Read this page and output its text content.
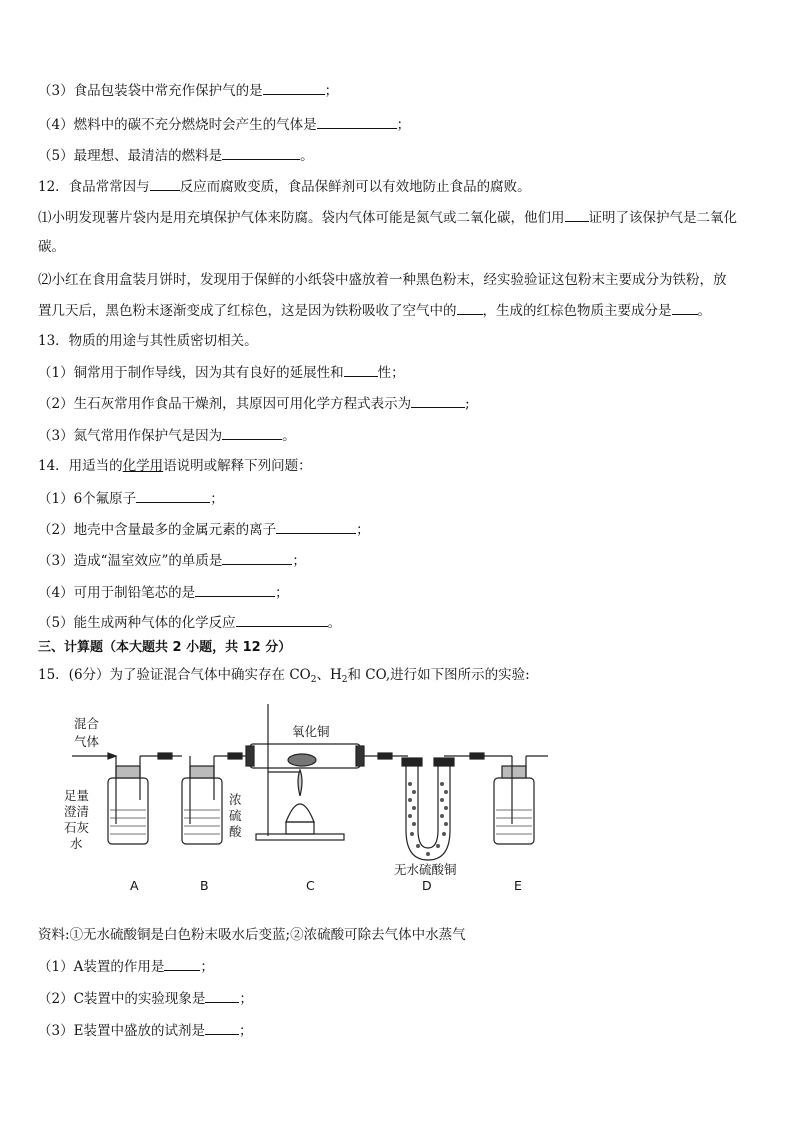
（3）食品包装袋中常充作保护气的是	；
（4）燃料中的碳不充分燃烧时会产生的气体是	；
（5）最理想、最清洁的燃料是	。
12．食品常常因与 反应而腐败变质，食品保鲜剂可以有效地防止食品的腐败。
⑴小明发现薯片袋内是用充填保护气体来防腐。袋内气体可能是氮气或二氧化碳，他们用 证明了该保护气是二氧化
碳。
⑵小红在食用盒装月饼时，发现用于保鲜的小纸袋中盛放着一种黑色粉末，经实验验证这包粉末主要成分为铁粉，放
置几天后，黑色粉末逐渐变成了红棕色，这是因为铁粉吸收了空气中的 ，生成的红棕色物质主要成分是 。
13．物质的用途与其性质密切相关。
（1）铜常用于制作导线，因为其有良好的延展性和	性；
（2）生石灰常用作食品干燥剂，其原因可用化学方程式表示为	;
（3）氮气常用作保护气是因为	。
14．用适当的化学用语说明或解释下列问题：
（1）6个氟原子	；
（2）地壳中含量最多的金属元素的离子	；
（3）造成“温室效应”的单质是	；
（4）可用于制铅笔芯的是	；
（5）能生成两种气体的化学反应	。
三、计算题（本大题共 2 小题，共 12 分）
15．(6分）为了验证混合气体中确实存在 $CO_2$、$H_2$和 CO,进行如下图所示的实验:
混合
气体
足量
澄清
石灰
水
浓
硫
酸
氧化铜
无水硫酸铜
A	B	C	D	E
资料:①无水硫酸铜是白色粉末吸水后变蓝;②浓硫酸可除去气体中水蒸气
（1）A装置的作用是	；
（2）C装置中的实验现象是	；
（3）E装置中盛放的试剂是	；
